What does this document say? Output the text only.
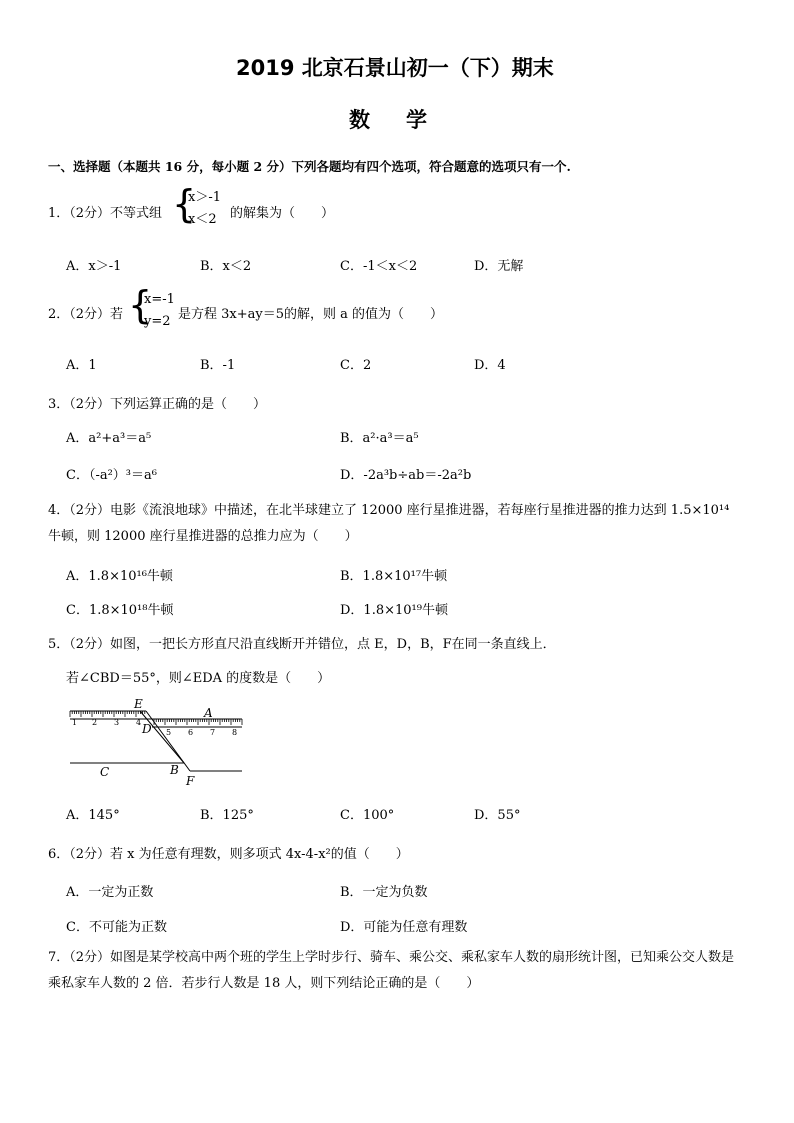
2019 北京石景山初一（下）期末
数学
一、选择题（本题共 16 分，每小题 2 分）下列各题均有四个选项，符合题意的选项只有一个.
1．（2分）不等式组 {
x＞-1
x＜2	的解集为（　　）
A．x＞-1	B．x＜2	C．-1＜x＜2	D．无解
2．（2分）若 {
x=-1
y=2 是方程 3x+ay＝5的解，则 a 的值为（　　）
A．1	B．-1	C．2	D．4
3．（2分）下列运算正确的是（　　）
A．a²+a³＝a⁵	B．a²·a³＝a⁵
C．（-a²）³＝a⁶	D．-2a³b÷ab＝-2a²b
4．（2分）电影《流浪地球》中描述，在北半球建立了 12000 座行星推进器，若每座行星推进器的推力达到 1.5×10¹⁴牛顿，则 12000 座行星推进器的总推力应为（　　）
A．1.8×10¹⁶牛顿	B．1.8×10¹⁷牛顿
C．1.8×10¹⁸牛顿	D．1.8×10¹⁹牛顿
5．（2分）如图，一把长方形直尺沿直线断开并错位，点 E，D，B，F在同一条直线上．
若∠CBD＝55°，则∠EDA 的度数是（　　）
1 2 3 4
5 6 7 8
E
A
D
C	B
F
A．145°	B．125°	C．100°	D．55°
6．（2分）若 x 为任意有理数，则多项式 4x-4-x²的值（　　）
A．一定为正数	B．一定为负数
C．不可能为正数	D．可能为任意有理数
7．（2分）如图是某学校高中两个班的学生上学时步行、骑车、乘公交、乘私家车人数的扇形统计图，已知乘公交人数是乘私家车人数的 2 倍．若步行人数是 18 人，则下列结论正确的是（　　）
